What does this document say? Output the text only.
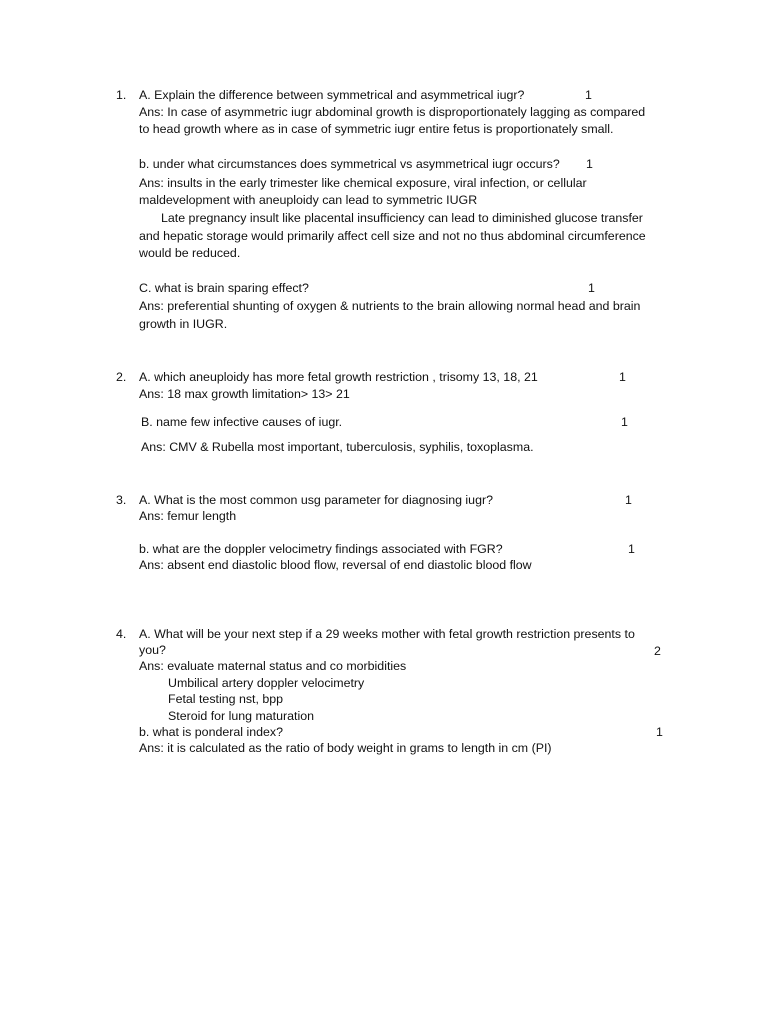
1. A. Explain the difference between symmetrical and asymmetrical iugr?	1
Ans: In case of asymmetric iugr abdominal growth is disproportionately lagging as compared
to head growth where as in case of symmetric iugr entire fetus is proportionately small.
b. under what circumstances does symmetrical vs asymmetrical iugr occurs? 1
Ans: insults in the early trimester like chemical exposure, viral infection, or cellular
maldevelopment with aneuploidy can lead to symmetric IUGR
Late pregnancy insult like placental insufficiency can lead to diminished glucose transfer
and hepatic storage would primarily affect cell size and not no thus abdominal circumference
would be reduced.
C. what is brain sparing effect?	1
Ans: preferential shunting of oxygen & nutrients to the brain allowing normal head and brain
growth in IUGR.
2. A. which aneuploidy has more fetal growth restriction , trisomy 13, 18, 21	1
Ans: 18 max growth limitation> 13> 21
B. name few infective causes of iugr.	1
Ans: CMV & Rubella most important, tuberculosis, syphilis, toxoplasma.
3. A. What is the most common usg parameter for diagnosing iugr?	1
Ans: femur length
b. what are the doppler velocimetry findings associated with FGR?	1
Ans: absent end diastolic blood flow, reversal of end diastolic blood flow
4. A. What will be your next step if a 29 weeks mother with fetal growth restriction presents to
you?	2
Ans: evaluate maternal status and co morbidities
Umbilical artery doppler velocimetry
Fetal testing nst, bpp
Steroid for lung maturation
b. what is ponderal index?	1
Ans: it is calculated as the ratio of body weight in grams to length in cm (PI)
